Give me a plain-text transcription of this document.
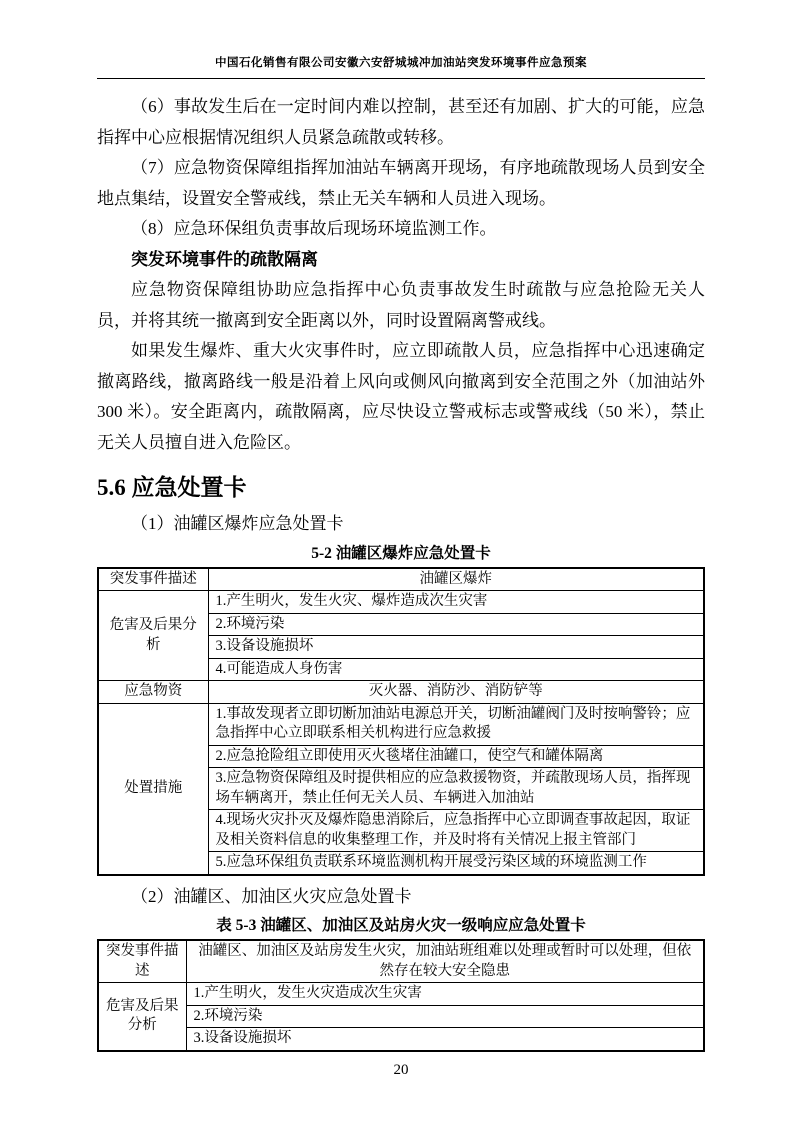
中国石化销售有限公司安徽六安舒城城冲加油站突发环境事件应急预案

（6）事故发生后在一定时间内难以控制，甚至还有加剧、扩大的可能，应急指挥中心应根据情况组织人员紧急疏散或转移。

（7）应急物资保障组指挥加油站车辆离开现场，有序地疏散现场人员到安全地点集结，设置安全警戒线，禁止无关车辆和人员进入现场。

（8）应急环保组负责事故后现场环境监测工作。

突发环境事件的疏散隔离

应急物资保障组协助应急指挥中心负责事故发生时疏散与应急抢险无关人员，并将其统一撤离到安全距离以外，同时设置隔离警戒线。

如果发生爆炸、重大火灾事件时，应立即疏散人员，应急指挥中心迅速确定撤离路线，撤离路线一般是沿着上风向或侧风向撤离到安全范围之外（加油站外 300 米）。安全距离内，疏散隔离，应尽快设立警戒标志或警戒线（50 米），禁止无关人员擅自进入危险区。

5.6 应急处置卡

（1）油罐区爆炸应急处置卡

5-2 油罐区爆炸应急处置卡
突发事件描述	油罐区爆炸
危害及后果分析	1.产生明火，发生火灾、爆炸造成次生灾害
	2.环境污染
	3.设备设施损坏
	4.可能造成人身伤害
应急物资	灭火器、消防沙、消防铲等
处置措施	1.事故发现者立即切断加油站电源总开关，切断油罐阀门及时按响警铃；应急指挥中心立即联系相关机构进行应急救援
	2.应急抢险组立即使用灭火毯堵住油罐口，使空气和罐体隔离
	3.应急物资保障组及时提供相应的应急救援物资，并疏散现场人员，指挥现场车辆离开，禁止任何无关人员、车辆进入加油站
	4.现场火灾扑灭及爆炸隐患消除后，应急指挥中心立即调查事故起因，取证及相关资料信息的收集整理工作，并及时将有关情况上报主管部门
	5.应急环保组负责联系环境监测机构开展受污染区域的环境监测工作

（2）油罐区、加油区火灾应急处置卡

表 5-3 油罐区、加油区及站房火灾一级响应应急处置卡
突发事件描述	油罐区、加油区及站房发生火灾，加油站班组难以处理或暂时可以处理，但依然存在较大安全隐患
危害及后果分析	1.产生明火，发生火灾造成次生灾害
	2.环境污染
	3.设备设施损坏
20
